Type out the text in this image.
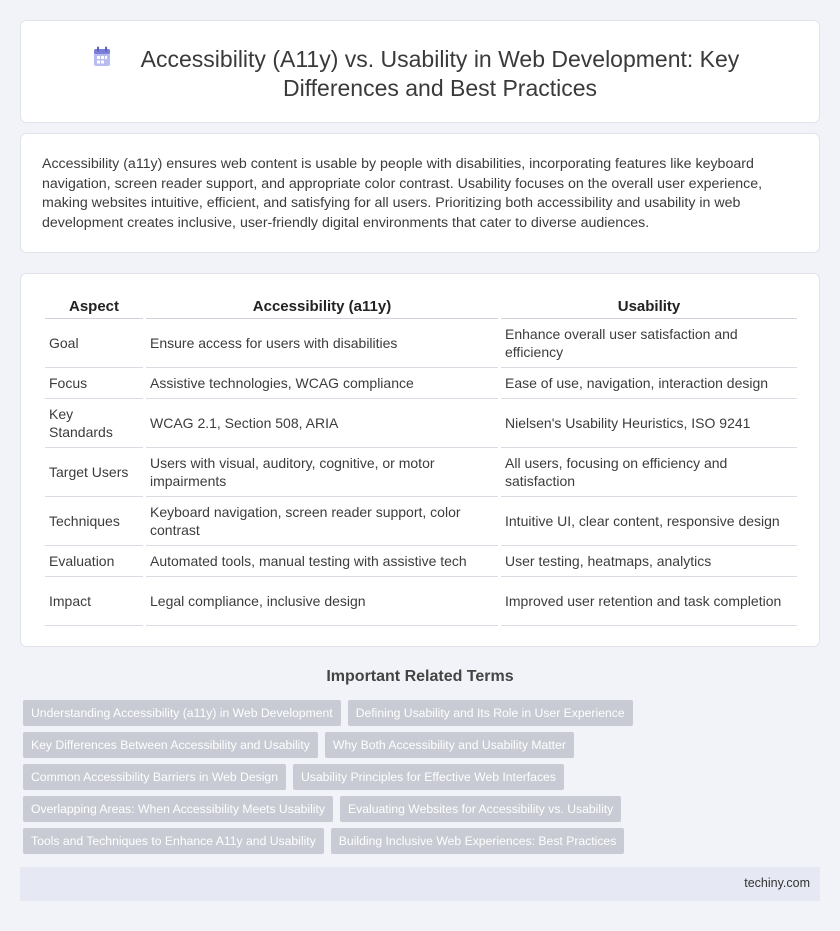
Accessibility (A11y) vs. Usability in Web Development: Key Differences and Best Practices

Accessibility (a11y) ensures web content is usable by people with disabilities, incorporating features like keyboard navigation, screen reader support, and appropriate color contrast. Usability focuses on the overall user experience, making websites intuitive, efficient, and satisfying for all users. Prioritizing both accessibility and usability in web development creates inclusive, user-friendly digital environments that cater to diverse audiences.

Aspect	Accessibility (a11y)	Usability
Goal	Ensure access for users with disabilities	Enhance overall user satisfaction and efficiency
Focus	Assistive technologies, WCAG compliance	Ease of use, navigation, interaction design
Key Standards	WCAG 2.1, Section 508, ARIA	Nielsen's Usability Heuristics, ISO 9241
Target Users	Users with visual, auditory, cognitive, or motor impairments	All users, focusing on efficiency and satisfaction
Techniques	Keyboard navigation, screen reader support, color contrast	Intuitive UI, clear content, responsive design
Evaluation	Automated tools, manual testing with assistive tech	User testing, heatmaps, analytics
Impact	Legal compliance, inclusive design	Improved user retention and task completion
Important Related Terms
Understanding Accessibility (a11y) in Web Development	Defining Usability and Its Role in User Experience
Key Differences Between Accessibility and Usability	Why Both Accessibility and Usability Matter
Common Accessibility Barriers in Web Design	Usability Principles for Effective Web Interfaces
Overlapping Areas: When Accessibility Meets Usability	Evaluating Websites for Accessibility vs. Usability
Tools and Techniques to Enhance A11y and Usability	Building Inclusive Web Experiences: Best Practices
techiny.com
